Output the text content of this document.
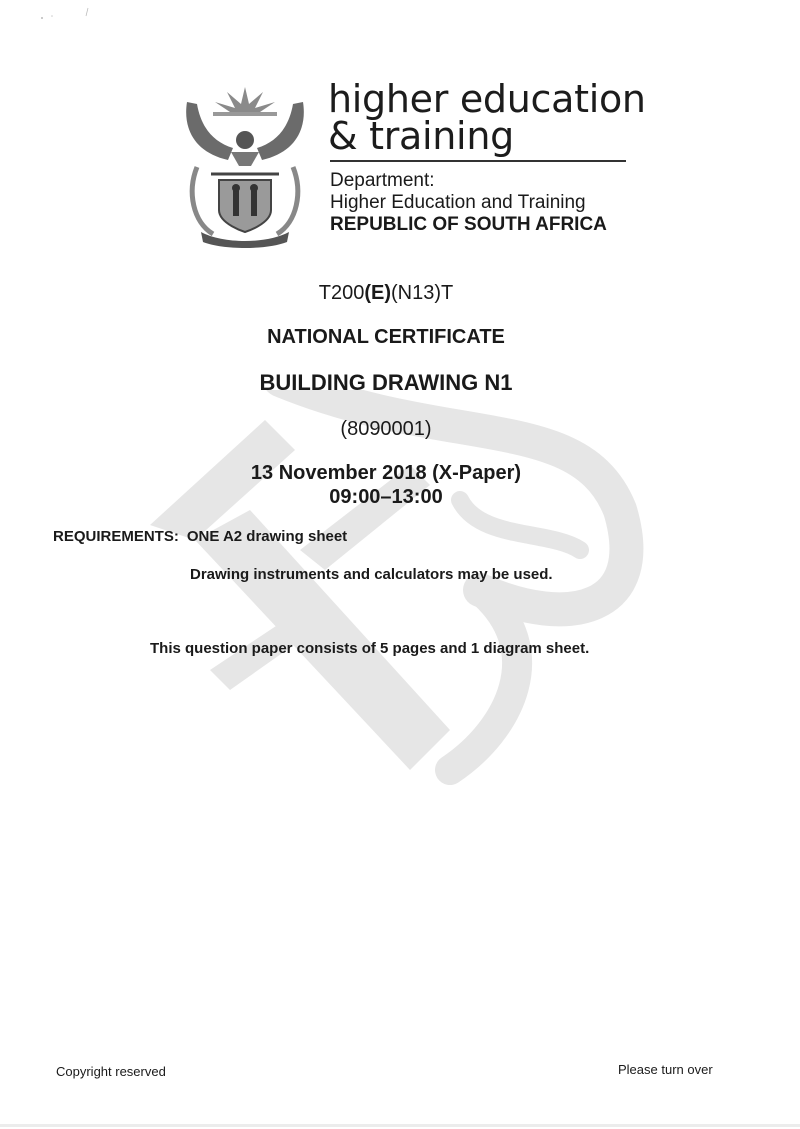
higher education
& training
Department:
Higher Education and Training
REPUBLIC OF SOUTH AFRICA
T200(E)(N13)T
NATIONAL CERTIFICATE
BUILDING DRAWING N1
(8090001)
13 November 2018 (X-Paper)
09:00–13:00
REQUIREMENTS: ONE A2 drawing sheet
Drawing instruments and calculators may be used.
This question paper consists of 5 pages and 1 diagram sheet.
Copyright reserved	Please turn over
